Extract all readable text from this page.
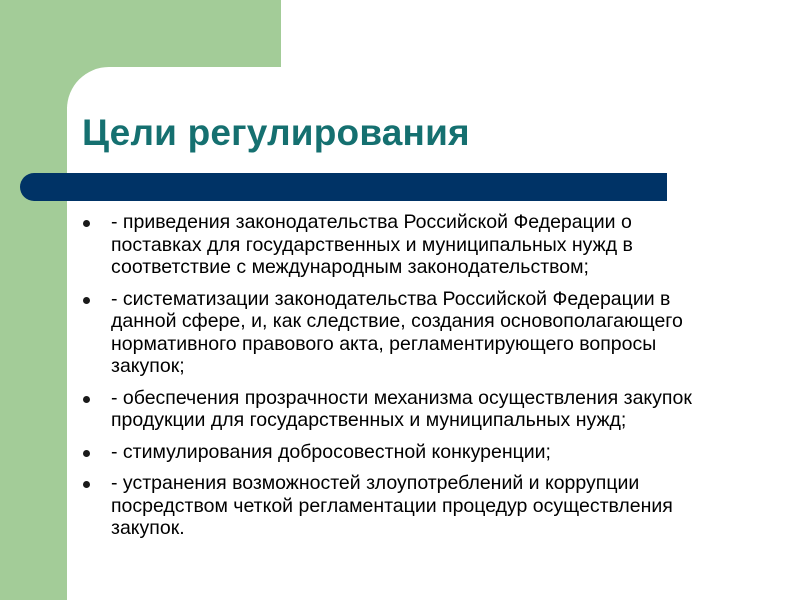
Цели регулирования
- приведения законодательства Российской Федерации о поставках для государственных и муниципальных нужд в соответствие с международным законодательством;
- систематизации законодательства Российской Федерации в данной сфере, и, как следствие, создания основополагающего нормативного правового акта, регламентирующего вопросы закупок;
- обеспечения прозрачности механизма осуществления закупок продукции для государственных и муниципальных нужд;
- стимулирования добросовестной конкуренции;
- устранения возможностей злоупотреблений и коррупции посредством четкой регламентации процедур осуществления закупок.
